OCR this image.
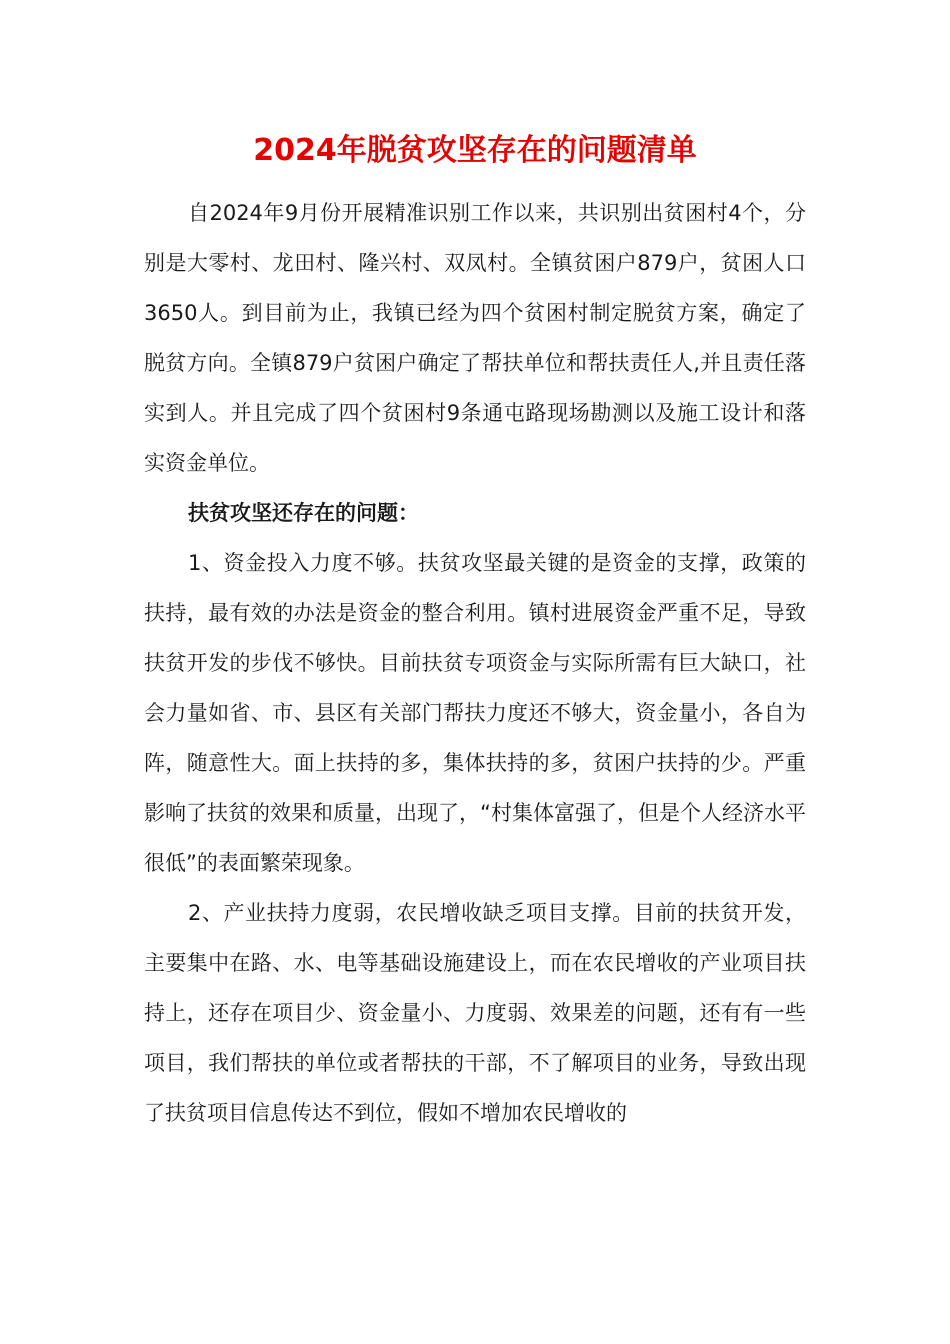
2024年脱贫攻坚存在的问题清单

自2024年9月份开展精准识别工作以来，共识别出贫困村4个，分别是大零村、龙田村、隆兴村、双凤村。全镇贫困户879户，贫困人口3650人。到目前为止，我镇已经为四个贫困村制定脱贫方案，确定了脱贫方向。全镇879户贫困户确定了帮扶单位和帮扶责任人,并且责任落实到人。并且完成了四个贫困村9条通屯路现场勘测以及施工设计和落实资金单位。

扶贫攻坚还存在的问题：

1、资金投入力度不够。扶贫攻坚最关键的是资金的支撑，政策的扶持，最有效的办法是资金的整合利用。镇村进展资金严重不足，导致扶贫开发的步伐不够快。目前扶贫专项资金与实际所需有巨大缺口，社会力量如省、市、县区有关部门帮扶力度还不够大，资金量小，各自为阵，随意性大。面上扶持的多，集体扶持的多，贫困户扶持的少。严重影响了扶贫的效果和质量，出现了，“村集体富强了，但是个人经济水平很低”的表面繁荣现象。

2、产业扶持力度弱，农民增收缺乏项目支撑。目前的扶贫开发，主要集中在路、水、电等基础设施建设上，而在农民增收的产业项目扶持上，还存在项目少、资金量小、力度弱、效果差的问题，还有有一些项目，我们帮扶的单位或者帮扶的干部，不了解项目的业务，导致出现了扶贫项目信息传达不到位，假如不增加农民增收的
